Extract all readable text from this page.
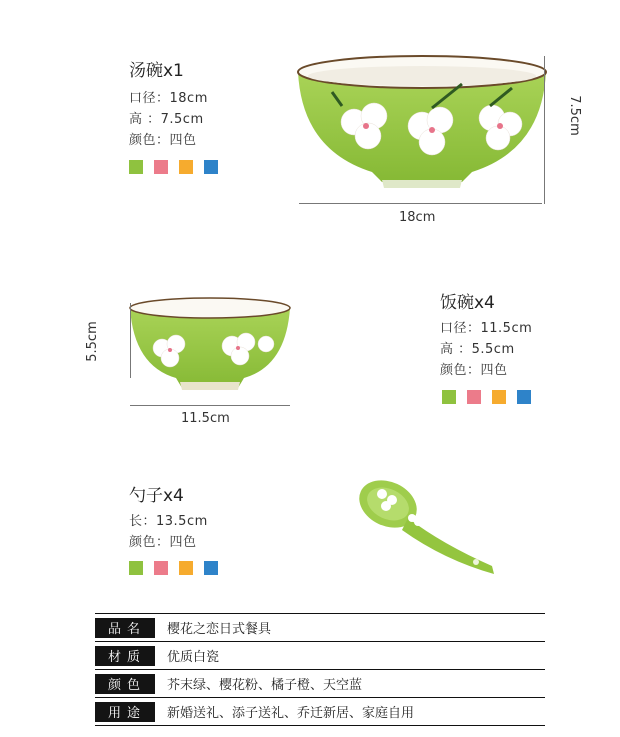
汤碗x1
口径：18cm
高 ：7.5cm
颜色：四色
18cm
7.5cm
11.5cm
5.5cm
饭碗x4
口径：11.5cm
高 ：5.5cm
颜色：四色
勺子x4
长：13.5cm
颜色：四色
品名	樱花之恋日式餐具
材质	优质白瓷
颜色	芥末绿、樱花粉、橘子橙、天空蓝
用途	新婚送礼、添子送礼、乔迁新居、家庭自用
